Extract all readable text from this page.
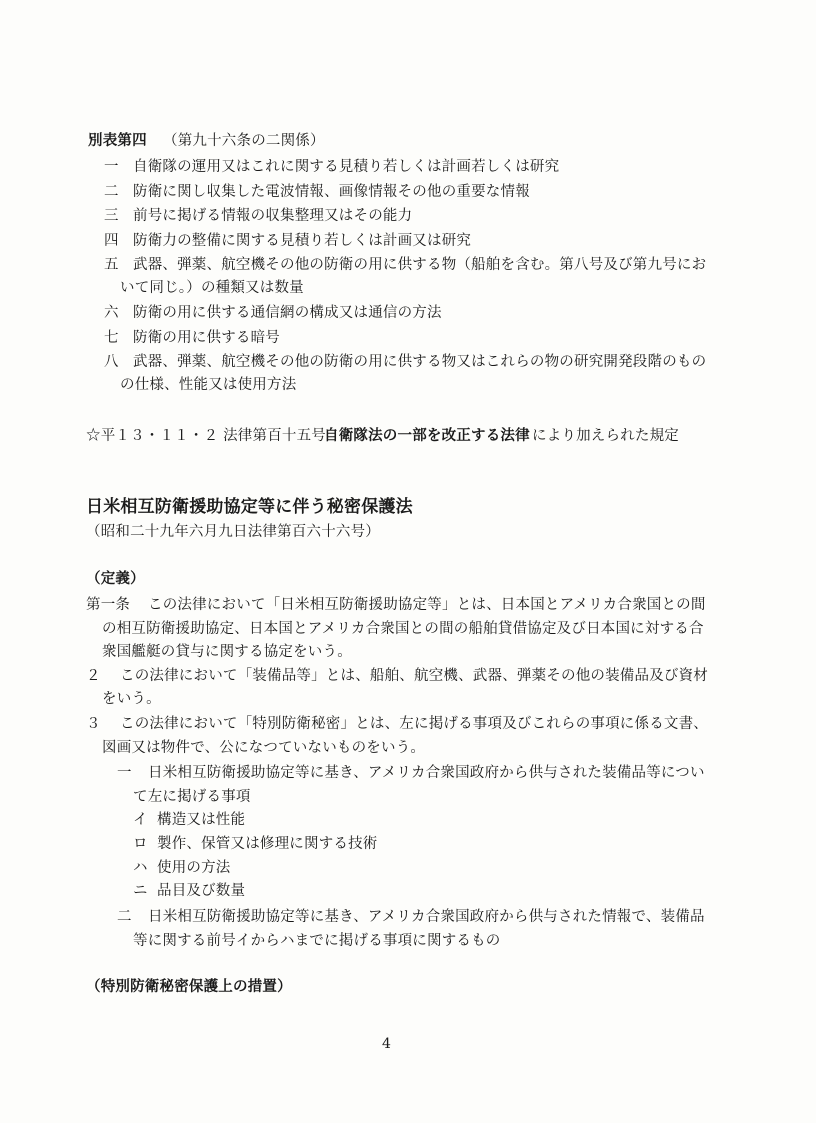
別表第四 （第九十六条の二関係）
一 自衛隊の運用又はこれに関する見積り若しくは計画若しくは研究
二 防衛に関し収集した電波情報、画像情報その他の重要な情報
三 前号に掲げる情報の収集整理又はその能力
四 防衛力の整備に関する見積り若しくは計画又は研究
五 武器、弾薬、航空機その他の防衛の用に供する物（船舶を含む。第八号及び第九号にお
いて同じ。）の種類又は数量
六 防衛の用に供する通信網の構成又は通信の方法
七 防衛の用に供する暗号
八 武器、弾薬、航空機その他の防衛の用に供する物又はこれらの物の研究開発段階のもの
の仕様、性能又は使用方法
☆平１３・１１・２ 法律第百十五号
自衛隊法の一部を改正する法律 により加えられた規定
日米相互防衛援助協定等に伴う秘密保護法
（昭和二十九年六月九日法律第百六十六号）
（定義）
第一条 この法律において「日米相互防衛援助協定等」とは、日本国とアメリカ合衆国との間
の相互防衛援助協定、日本国とアメリカ合衆国との間の船舶貸借協定及び日本国に対する合
衆国艦艇の貸与に関する協定をいう。
２ この法律において「装備品等」とは、船舶、航空機、武器、弾薬その他の装備品及び資材
をいう。
３ この法律において「特別防衛秘密」とは、左に掲げる事項及びこれらの事項に係る文書、
図画又は物件で、公になつていないものをいう。
一 日米相互防衛援助協定等に基き、アメリカ合衆国政府から供与された装備品等につい
て左に掲げる事項
イ 構造又は性能
ロ 製作、保管又は修理に関する技術
ハ 使用の方法
ニ 品目及び数量
二 日米相互防衛援助協定等に基き、アメリカ合衆国政府から供与された情報で、装備品
等に関する前号イからハまでに掲げる事項に関するもの
（特別防衛秘密保護上の措置）
4
